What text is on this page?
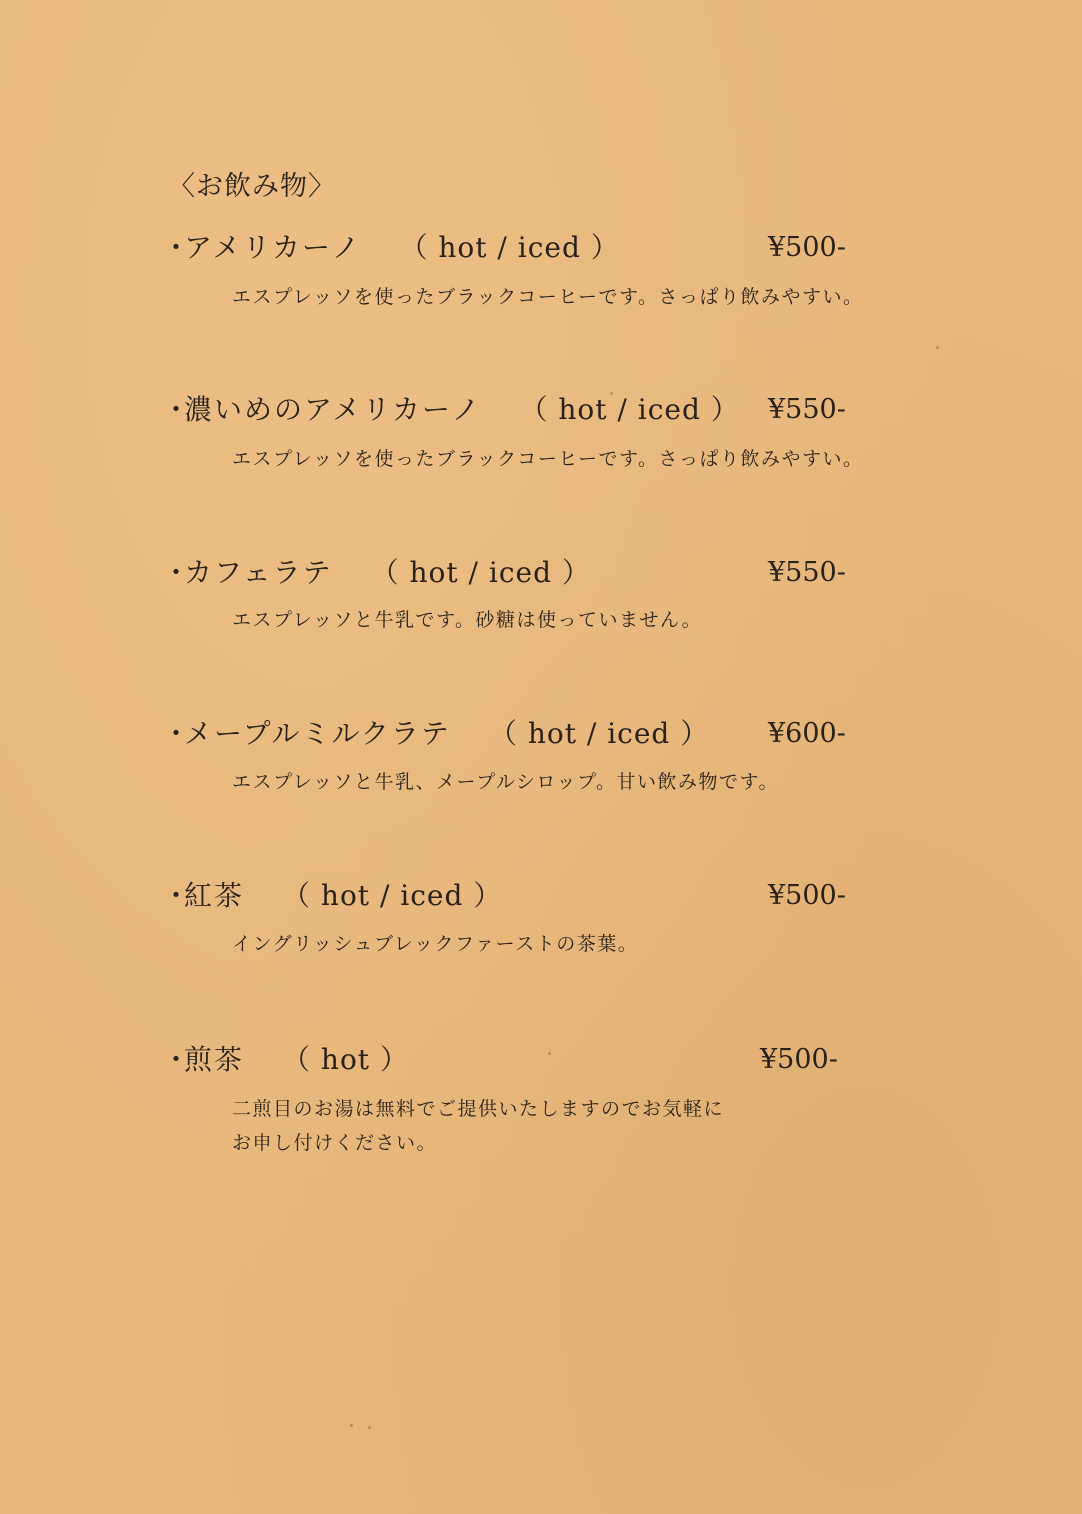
〈お飲み物〉
・アメリカーノ （ hot / iced ）	¥500-
エスプレッソを使ったブラックコーヒーです。さっぱり飲みやすい。
・濃いめのアメリカーノ （ hot / iced ） ¥550-
エスプレッソを使ったブラックコーヒーです。さっぱり飲みやすい。
・カフェラテ （ hot / iced ）	¥550-
エスプレッソと牛乳です。砂糖は使っていません。
・メープルミルクラテ （ hot / iced ） ¥600-
エスプレッソと牛乳、メープルシロップ。甘い飲み物です。
・紅茶 （ hot / iced ）	¥500-
イングリッシュブレックファーストの茶葉。
・煎茶 （ hot ）	¥500-
二煎目のお湯は無料でご提供いたしますのでお気軽に
お申し付けください。
